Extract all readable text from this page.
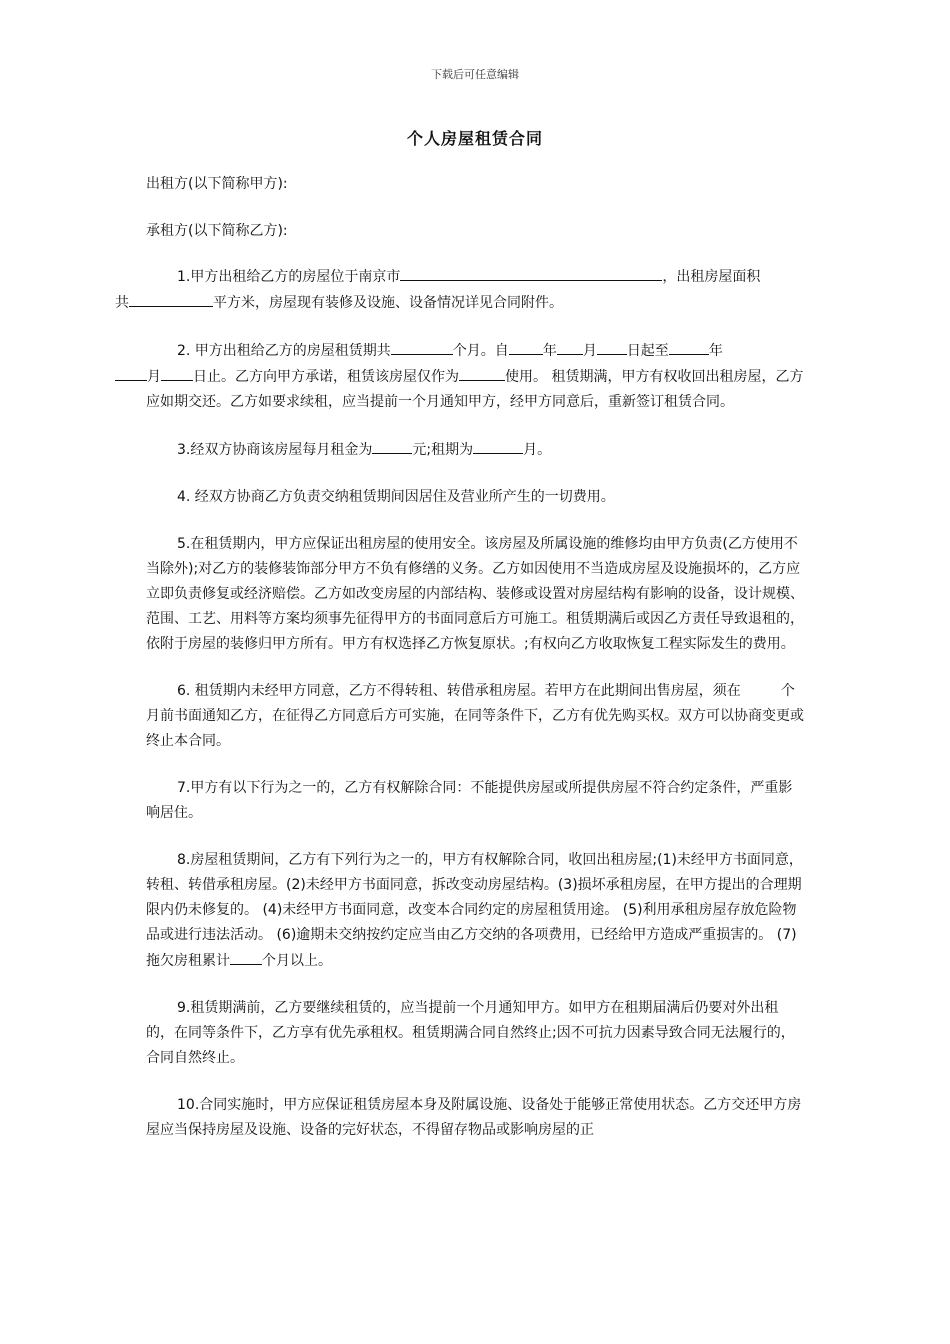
下载后可任意编辑
个人房屋租赁合同

出租方(以下简称甲方):

承租方(以下简称乙方):

1.甲方出租给乙方的房屋位于南京市	，出租房屋面积
共	平方米，房屋现有装修及设施、设备情况详见合同附件。

2. 甲方出租给乙方的房屋租赁期共	个月。自 年 月 日起至	年
月 日止。乙方向甲方承诺，租赁该房屋仅作为	使用。 租赁期满，甲方有权收回出租房屋，乙方应如期交还。乙方如要求续租，应当提前一个月通知甲方，经甲方同意后，重新签订租赁合同。

3.经双方协商该房屋每月租金为	元;租期为	月。

4. 经双方协商乙方负责交纳租赁期间因居住及营业所产生的一切费用。

5.在租赁期内，甲方应保证出租房屋的使用安全。该房屋及所属设施的维修均由甲方负责(乙方使用不当除外);对乙方的装修装饰部分甲方不负有修缮的义务。乙方如因使用不当造成房屋及设施损坏的，乙方应立即负责修复或经济赔偿。乙方如改变房屋的内部结构、装修或设置对房屋结构有影响的设备，设计规模、范围、工艺、用料等方案均须事先征得甲方的书面同意后方可施工。租赁期满后或因乙方责任导致退租的，依附于房屋的装修归甲方所有。甲方有权选择乙方恢复原状。;有权向乙方收取恢复工程实际发生的费用。

6. 租赁期内未经甲方同意，乙方不得转租、转借承租房屋。若甲方在此期间出售房屋，须在	个月前书面通知乙方，在征得乙方同意后方可实施，在同等条件下，乙方有优先购买权。双方可以协商变更或终止本合同。

7.甲方有以下行为之一的，乙方有权解除合同：不能提供房屋或所提供房屋不符合约定条件，严重影响居住。

8.房屋租赁期间，乙方有下列行为之一的，甲方有权解除合同，收回出租房屋;(1)未经甲方书面同意，转租、转借承租房屋。(2)未经甲方书面同意，拆改变动房屋结构。(3)损坏承租房屋，在甲方提出的合理期限内仍未修复的。 (4)未经甲方书面同意，改变本合同约定的房屋租赁用途。 (5)利用承租房屋存放危险物品或进行违法活动。 (6)逾期未交纳按约定应当由乙方交纳的各项费用，已经给甲方造成严重损害的。 (7)拖欠房租累计 个月以上。

9.租赁期满前，乙方要继续租赁的，应当提前一个月通知甲方。如甲方在租期届满后仍要对外出租的，在同等条件下，乙方享有优先承租权。租赁期满合同自然终止;因不可抗力因素导致合同无法履行的，合同自然终止。

10.合同实施时，甲方应保证租赁房屋本身及附属设施、设备处于能够正常使用状态。乙方交还甲方房屋应当保持房屋及设施、设备的完好状态，不得留存物品或影响房屋的正
